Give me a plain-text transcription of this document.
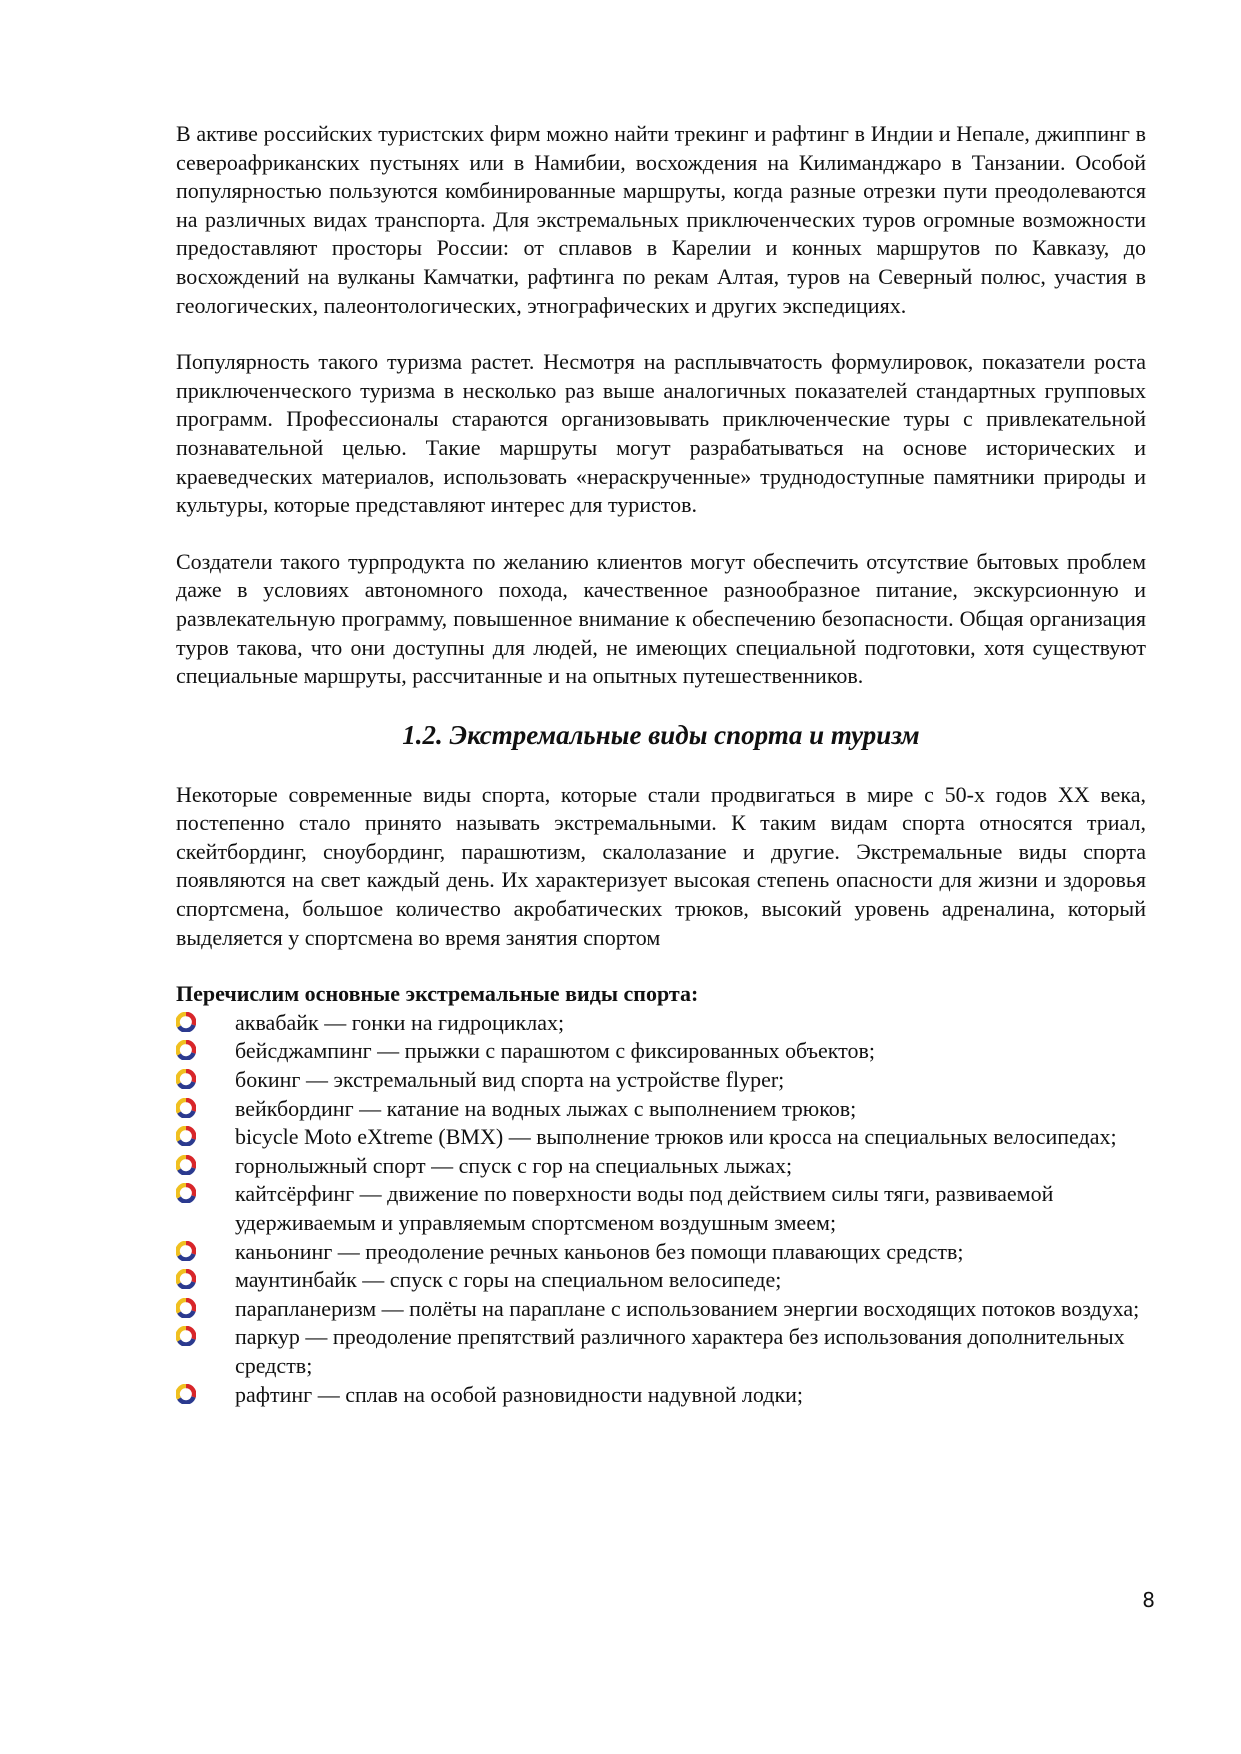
В активе российских туристских фирм можно найти трекинг и рафтинг в Индии и Непале, джиппинг в североафриканских пустынях или в Намибии, восхождения на Килиманджаро в Танзании. Особой популярностью пользуются комбинированные маршруты, когда разные отрезки пути преодолеваются на различных видах транспорта. Для экстремальных приключенческих туров огромные возможности предоставляют просторы России: от сплавов в Карелии и конных маршрутов по Кавказу, до восхождений на вулканы Камчатки, рафтинга по рекам Алтая, туров на Северный полюс, участия в геологических, палеонтологических, этнографических и других экспедициях.

Популярность такого туризма растет. Несмотря на расплывчатость формулировок, показатели роста приключенческого туризма в несколько раз выше аналогичных показателей стандартных групповых программ. Профессионалы стараются организовывать приключенческие туры с привлекательной познавательной целью. Такие маршруты могут разрабатываться на основе исторических и краеведческих материалов, использовать «нераскрученные» труднодоступные памятники природы и культуры, которые представляют интерес для туристов.

Создатели такого турпродукта по желанию клиентов могут обеспечить отсутствие бытовых проблем даже в условиях автономного похода, качественное разнообразное питание, экскурсионную и развлекательную программу, повышенное внимание к обеспечению безопасности. Общая организация туров такова, что они доступны для людей, не имеющих специальной подготовки, хотя существуют специальные маршруты, рассчитанные и на опытных путешественников.

1.2. Экстремальные виды спорта и туризм

Некоторые современные виды спорта, которые стали продвигаться в мире с 50-х годов XX века, постепенно стало принято называть экстремальными. К таким видам спорта относятся триал, скейтбординг, сноубординг, парашютизм, скалолазание и другие. Экстремальные виды спорта появляются на свет каждый день. Их характеризует высокая степень опасности для жизни и здоровья спортсмена, большое количество акробатических трюков, высокий уровень адреналина, который выделяется у спортсмена во время занятия спортом

Перечислим основные экстремальные виды спорта:

аквабайк — гонки на гидроциклах;
бейсджампинг — прыжки с парашютом с фиксированных объектов;
бокинг — экстремальный вид спорта на устройстве flyper;
вейкбординг — катание на водных лыжах с выполнением трюков;
bicycle Moto eXtreme (BMX) — выполнение трюков или кросса на специальных велосипедах;
горнолыжный спорт — спуск с гор на специальных лыжах;
кайтсёрфинг — движение по поверхности воды под действием силы тяги, развиваемой удерживаемым и управляемым спортсменом воздушным змеем;
каньонинг — преодоление речных каньонов без помощи плавающих средств;
маунтинбайк — спуск с горы на специальном велосипеде;
парапланеризм — полёты на параплане с использованием энергии восходящих потоков воздуха;
паркур — преодоление препятствий различного характера без использования дополнительных средств;
рафтинг — сплав на особой разновидности надувной лодки;
8
